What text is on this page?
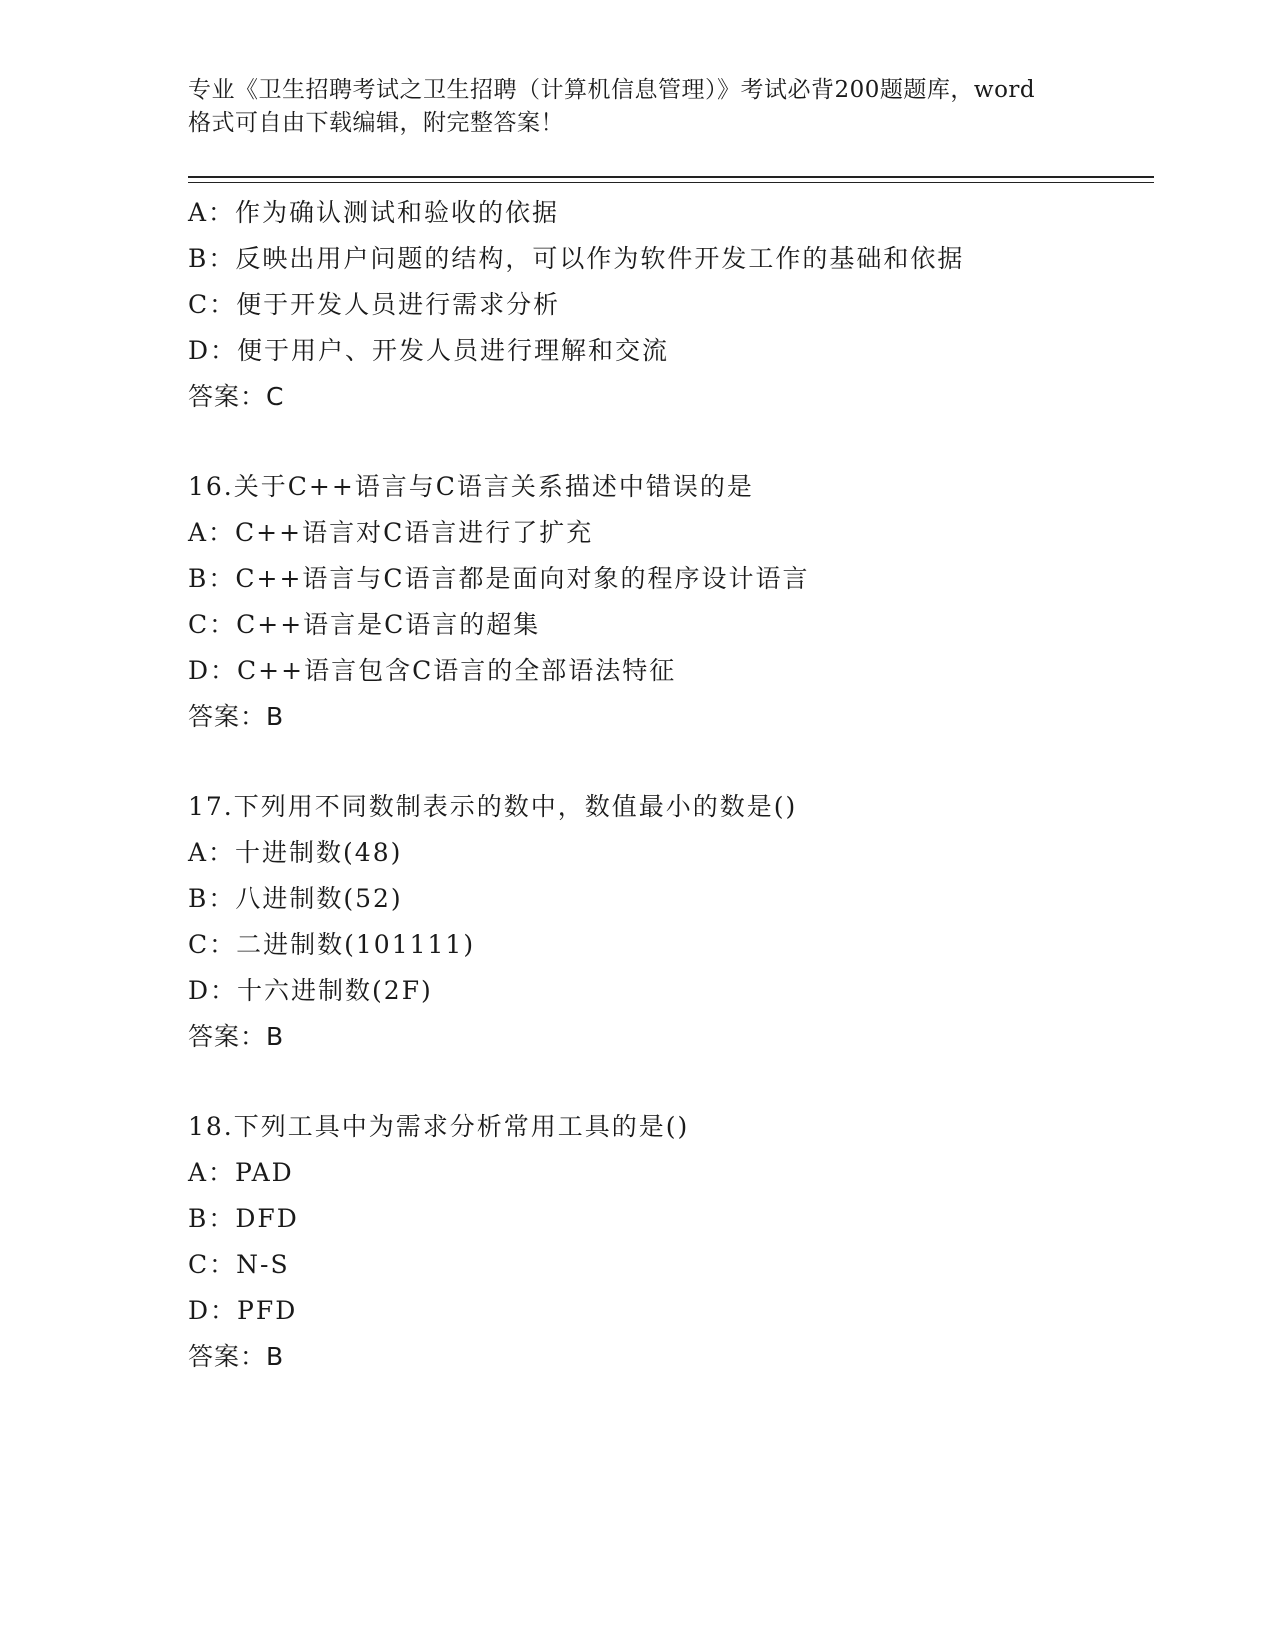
专业《卫生招聘考试之卫生招聘（计算机信息管理）》考试必背200题题库，word
格式可自由下载编辑，附完整答案！
A：作为确认测试和验收的依据
B：反映出用户问题的结构，可以作为软件开发工作的基础和依据
C：便于开发人员进行需求分析
D：便于用户、开发人员进行理解和交流
答案：C
16.关于C++语言与C语言关系描述中错误的是
A：C++语言对C语言进行了扩充
B：C++语言与C语言都是面向对象的程序设计语言
C：C++语言是C语言的超集
D：C++语言包含C语言的全部语法特征
答案：B
17.下列用不同数制表示的数中，数值最小的数是()
A：十进制数(48)
B：八进制数(52)
C：二进制数(101111)
D：十六进制数(2F)
答案：B
18.下列工具中为需求分析常用工具的是()
A：PAD
B：DFD
C：N-S
D：PFD
答案：B
